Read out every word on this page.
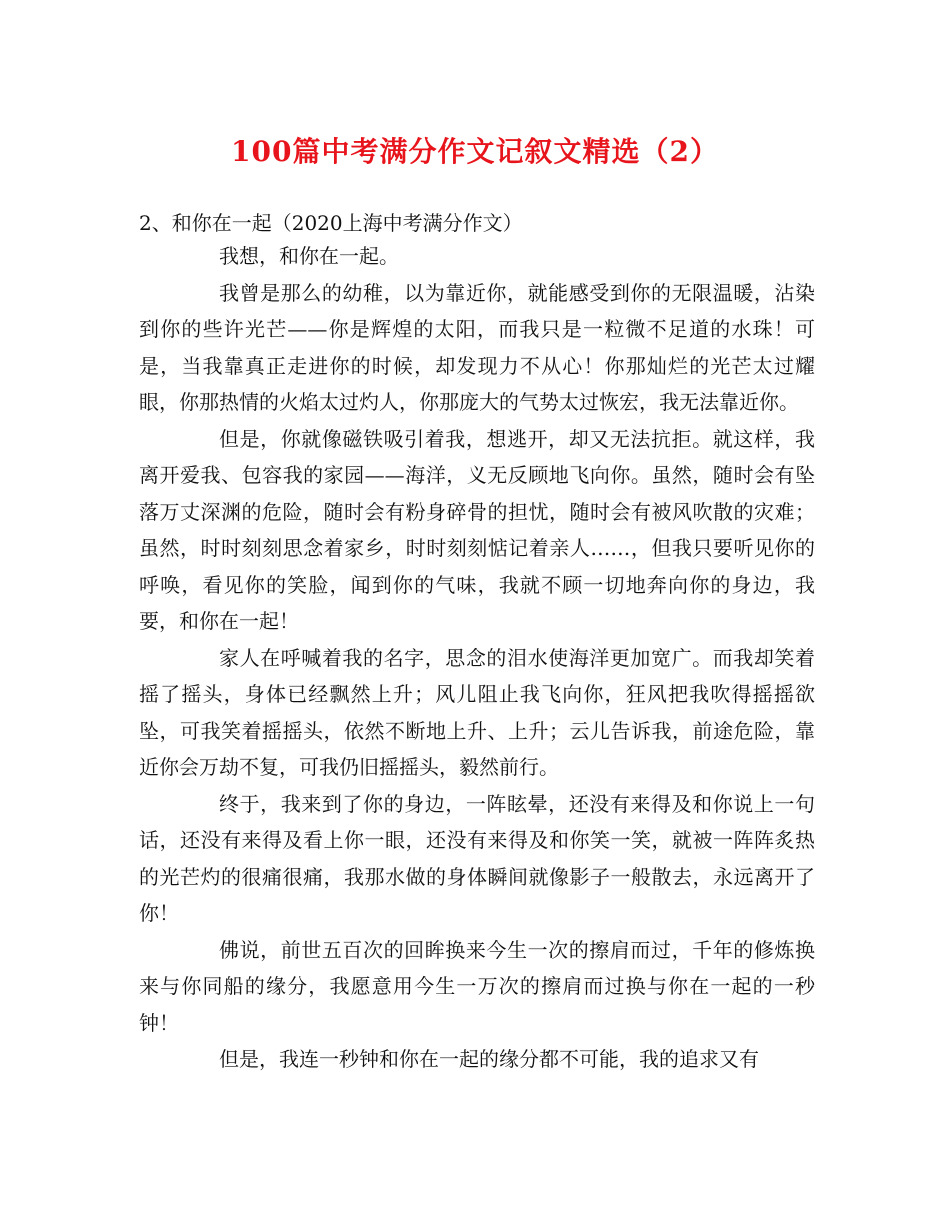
100篇中考满分作文记叙文精选（2）
2、和你在一起（2020上海中考满分作文）

我想，和你在一起。

我曾是那么的幼稚，以为靠近你，就能感受到你的无限温暖，沾染到你的些许光芒——你是辉煌的太阳，而我只是一粒微不足道的水珠！可是，当我靠真正走进你的时候，却发现力不从心！你那灿烂的光芒太过耀眼，你那热情的火焰太过灼人，你那庞大的气势太过恢宏，我无法靠近你。

但是，你就像磁铁吸引着我，想逃开，却又无法抗拒。就这样，我离开爱我、包容我的家园——海洋，义无反顾地飞向你。虽然，随时会有坠落万丈深渊的危险，随时会有粉身碎骨的担忧，随时会有被风吹散的灾难；虽然，时时刻刻思念着家乡，时时刻刻惦记着亲人……，但我只要听见你的呼唤，看见你的笑脸，闻到你的气味，我就不顾一切地奔向你的身边，我要，和你在一起！

家人在呼喊着我的名字，思念的泪水使海洋更加宽广。而我却笑着摇了摇头，身体已经飘然上升；风儿阻止我飞向你，狂风把我吹得摇摇欲坠，可我笑着摇摇头，依然不断地上升、上升；云儿告诉我，前途危险，靠近你会万劫不复，可我仍旧摇摇头，毅然前行。

终于，我来到了你的身边，一阵眩晕，还没有来得及和你说上一句话，还没有来得及看上你一眼，还没有来得及和你笑一笑，就被一阵阵炙热的光芒灼的很痛很痛，我那水做的身体瞬间就像影子一般散去，永远离开了你！

佛说，前世五百次的回眸换来今生一次的擦肩而过，千年的修炼换来与你同船的缘分，我愿意用今生一万次的擦肩而过换与你在一起的一秒钟！

但是，我连一秒钟和你在一起的缘分都不可能，我的追求又有
